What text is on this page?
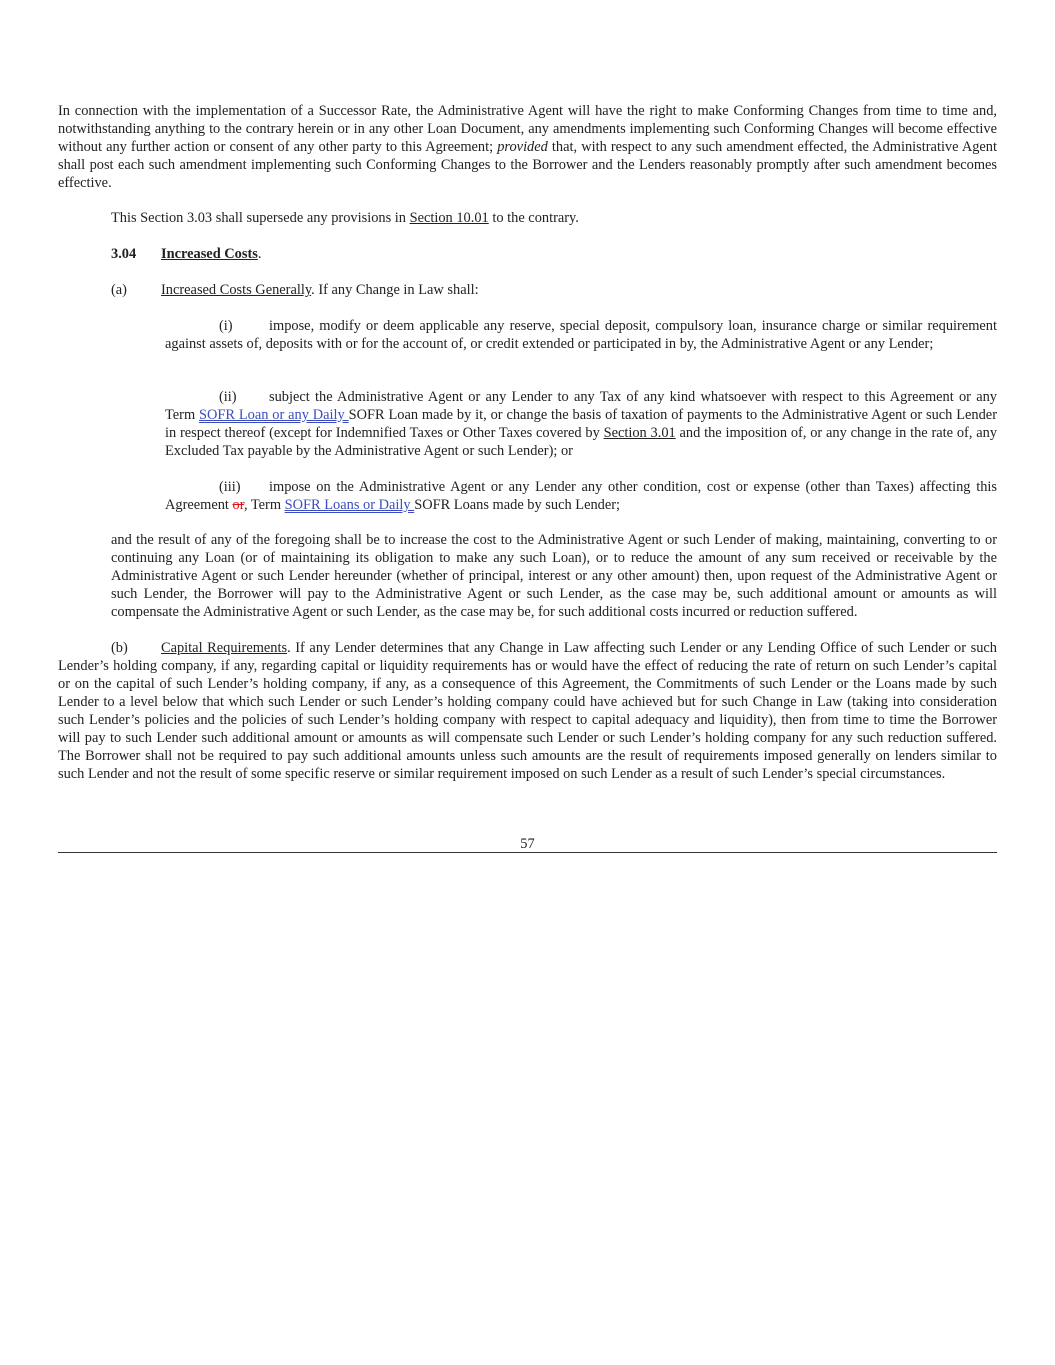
In connection with the implementation of a Successor Rate, the Administrative Agent will have the right to make Conforming Changes from time to time and, notwithstanding anything to the contrary herein or in any other Loan Document, any amendments implementing such Conforming Changes will become effective without any further action or consent of any other party to this Agreement; provided that, with respect to any such amendment effected, the Administrative Agent shall post each such amendment implementing such Conforming Changes to the Borrower and the Lenders reasonably promptly after such amendment becomes effective.

This Section 3.03 shall supersede any provisions in Section 10.01 to the contrary.

3.04 Increased Costs.

(a) Increased Costs Generally. If any Change in Law shall:

(i)	impose, modify or deem applicable any reserve, special deposit, compulsory loan, insurance charge or similar requirement against assets of, deposits with or for the account of, or credit extended or participated in by, the Administrative Agent or any Lender;

(ii) subject the Administrative Agent or any Lender to any Tax of any kind whatsoever with respect to this Agreement or any Term SOFR Loan or any Daily SOFR Loan made by it, or change the basis of taxation of payments to the Administrative Agent or such Lender in respect thereof (except for Indemnified Taxes or Other Taxes covered by Section 3.01 and the imposition of, or any change in the rate of, any Excluded Tax payable by the Administrative Agent or such Lender); or

(iii) impose on the Administrative Agent or any Lender any other condition, cost or expense (other than Taxes) affecting this Agreement or, Term SOFR Loans or Daily SOFR Loans made by such Lender;

and the result of any of the foregoing shall be to increase the cost to the Administrative Agent or such Lender of making, maintaining, converting to or continuing any Loan (or of maintaining its obligation to make any such Loan), or to reduce the amount of any sum received or receivable by the Administrative Agent or such Lender hereunder (whether of principal, interest or any other amount) then, upon request of the Administrative Agent or such Lender, the Borrower will pay to the Administrative Agent or such Lender, as the case may be, such additional amount or amounts as will compensate the Administrative Agent or such Lender, as the case may be, for such additional costs incurred or reduction suffered.

(b) Capital Requirements. If any Lender determines that any Change in Law affecting such Lender or any Lending Office of such Lender or such Lender’s holding company, if any, regarding capital or liquidity requirements has or would have the effect of reducing the rate of return on such Lender’s capital or on the capital of such Lender’s holding company, if any, as a consequence of this Agreement, the Commitments of such Lender or the Loans made by such Lender to a level below that which such Lender or such Lender’s holding company could have achieved but for such Change in Law (taking into consideration such Lender’s policies and the policies of such Lender’s holding company with respect to capital adequacy and liquidity), then from time to time the Borrower will pay to such Lender such additional amount or amounts as will compensate such Lender or such Lender’s holding company for any such reduction suffered. The Borrower shall not be required to pay such additional amounts unless such amounts are the result of requirements imposed generally on lenders similar to such Lender and not the result of some specific reserve or similar requirement imposed on such Lender as a result of such Lender’s special circumstances.

57
